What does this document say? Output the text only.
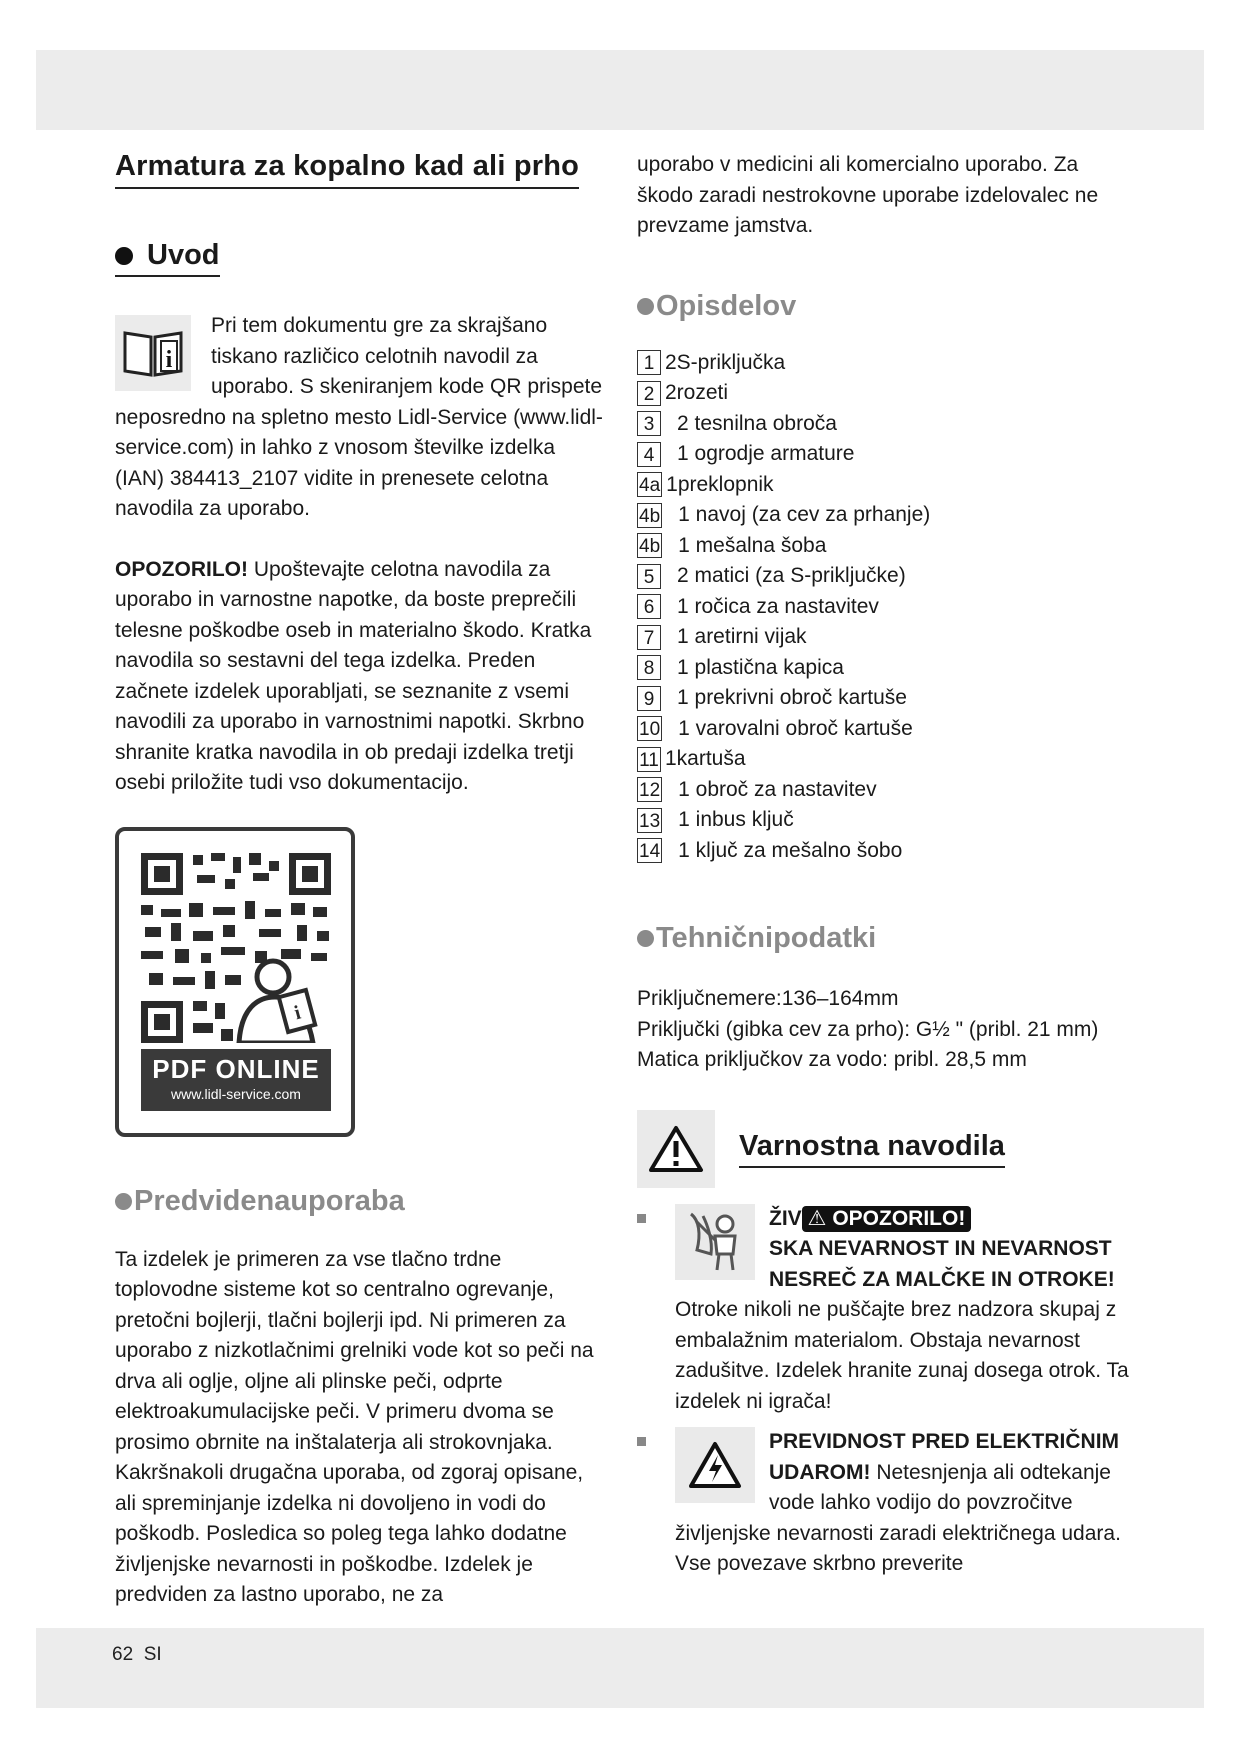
Armatura za kopalno kad ali prho
Uvod
i

Pri tem dokumentu gre za skrajšano tiskano različico celotnih navodil za uporabo. S skeniranjem kode QR prispete neposredno na spletno mesto Lidl-Service (www.lidl-service.com) in lahko z vnosom številke izdelka (IAN) 384413_2107 vidite in prenesete celotna navodila za uporabo.

OPOZORILO! Upoštevajte celotna navodila za uporabo in varnostne napotke, da boste preprečili telesne poškodbe oseb in materialno škodo. Kratka navodila so sestavni del tega izdelka. Preden začnete izdelek uporabljati, se seznanite z vsemi navodili za uporabo in varnostnimi napotki. Skrbno shranite kratka navodila in ob predaji izdelka tretji osebi priložite tudi vso dokumentacijo.

i
PDF ONLINE
www.lidl-service.com
Predvidenauporaba

Ta izdelek je primeren za vse tlačno trdne toplovodne sisteme kot so centralno ogrevanje, pretočni bojlerji, tlačni bojlerji ipd. Ni primeren za uporabo z nizkotlačnimi grelniki vode kot so peči na drva ali oglje, oljne ali plinske peči, odprte elektroakumulacijske peči. V primeru dvoma se prosimo obrnite na inštalaterja ali strokovnjaka. Kakršnakoli drugačna uporaba, od zgoraj opisane, ali spreminjanje izdelka ni dovoljeno in vodi do poškodb. Posledica so poleg tega lahko dodatne življenjske nevarnosti in poškodbe. Izdelek je predviden za lastno uporabo, ne za

uporabo v medicini ali komercialno uporabo. Za škodo zaradi nestrokovne uporabe izdelovalec ne prevzame jamstva.

Opisdelov
1 2S-priključka
2 2rozeti
3	2 tesnilna obroča
4	1 ogrodje armature
4a 1preklopnik
4b 1 navoj (za cev za prhanje)
4b 1 mešalna šoba
5	2 matici (za S-priključke)
6	1 ročica za nastavitev
7	1 aretirni vijak
8	1 plastična kapica
9	1 prekrivni obroč kartuše
10 1 varovalni obroč kartuše
11 1kartuša
12 1 obroč za nastavitev
13 1 inbus ključ
14 1 ključ za mešalno šobo
Tehničnipodatki

Priključnemere:136–164mm

Priključki (gibka cev za prho): G½ " (pribl. 21 mm)

Matica priključkov za vodo: pribl. 28,5 mm

Varnostna navodila

ŽIV ⚠ OPOZORILO!
SKA NEVARNOST IN NEVARNOST NESREČ ZA MALČKE IN OTROKE! Otroke nikoli ne puščajte brez nadzora skupaj z embalažnim materialom. Obstaja nevarnost zadušitve. Izdelek hranite zunaj dosega otrok. Ta izdelek ni igrača!

PREVIDNOST PRED ELEKTRIČNIM UDAROM! Netesnjenja ali odtekanje vode lahko vodijo do povzročitve življenjske nevarnosti zaradi električnega udara. Vse povezave skrbno preverite

62 SI
